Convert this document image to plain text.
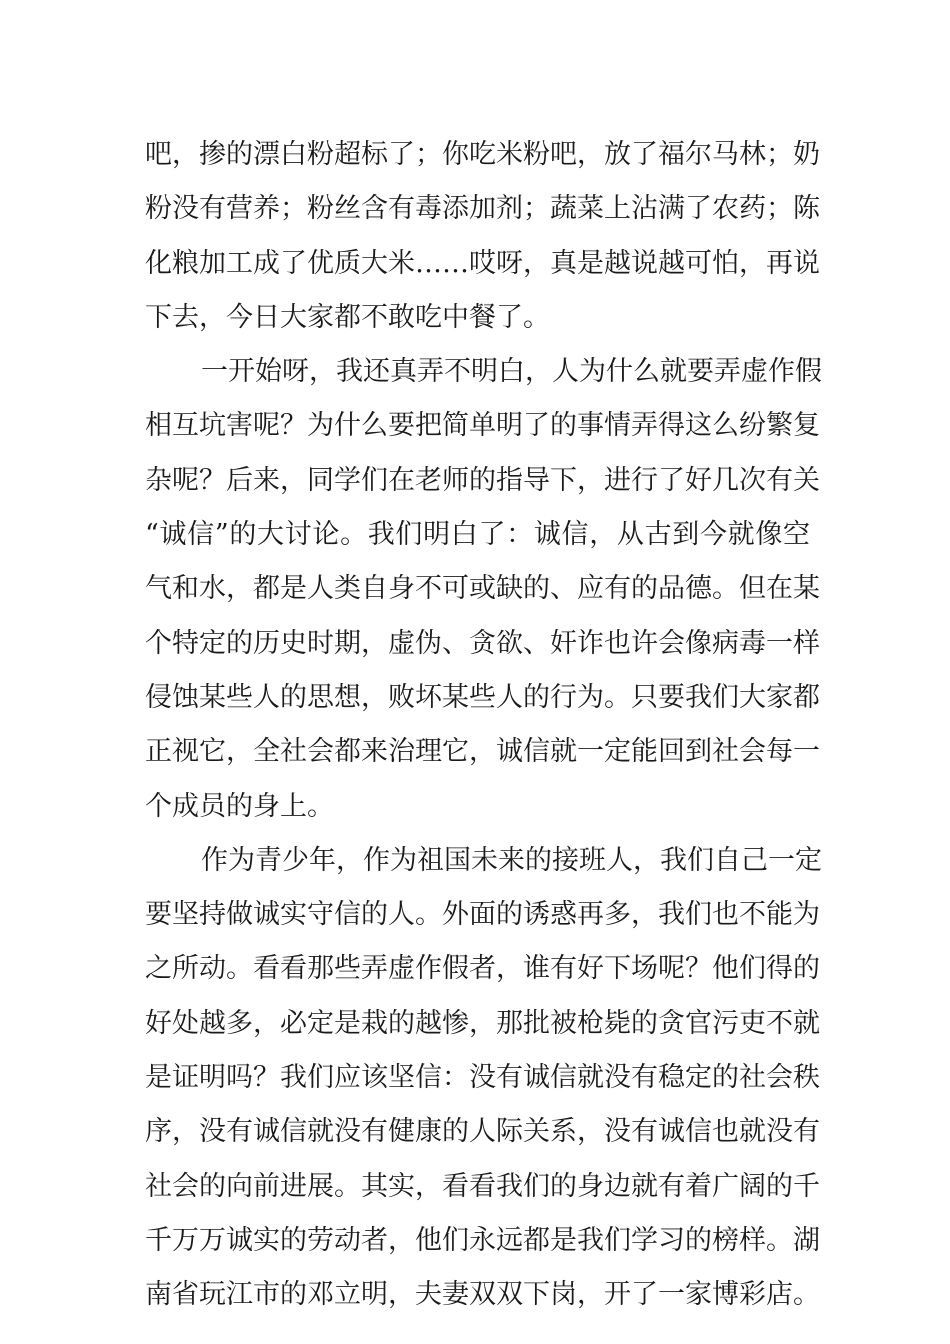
吧，掺的漂白粉超标了；你吃米粉吧，放了福尔马林；奶
粉没有营养；粉丝含有毒添加剂；蔬菜上沾满了农药；陈
化粮加工成了优质大米……哎呀，真是越说越可怕，再说
下去，今日大家都不敢吃中餐了。
一开始呀，我还真弄不明白，人为什么就要弄虚作假
相互坑害呢？为什么要把简单明了的事情弄得这么纷繁复
杂呢？后来，同学们在老师的指导下，进行了好几次有关
“诚信”的大讨论。我们明白了：诚信，从古到今就像空
气和水，都是人类自身不可或缺的、应有的品德。但在某
个特定的历史时期，虚伪、贪欲、奸诈也许会像病毒一样
侵蚀某些人的思想，败坏某些人的行为。只要我们大家都
正视它，全社会都来治理它，诚信就一定能回到社会每一
个成员的身上。
作为青少年，作为祖国未来的接班人，我们自己一定
要坚持做诚实守信的人。外面的诱惑再多，我们也不能为
之所动。看看那些弄虚作假者，谁有好下场呢？他们得的
好处越多，必定是栽的越惨，那批被枪毙的贪官污吏不就
是证明吗？我们应该坚信：没有诚信就没有稳定的社会秩
序，没有诚信就没有健康的人际关系，没有诚信也就没有
社会的向前进展。其实，看看我们的身边就有着广阔的千
千万万诚实的劳动者，他们永远都是我们学习的榜样。湖
南省玩江市的邓立明，夫妻双双下岗，开了一家博彩店。
